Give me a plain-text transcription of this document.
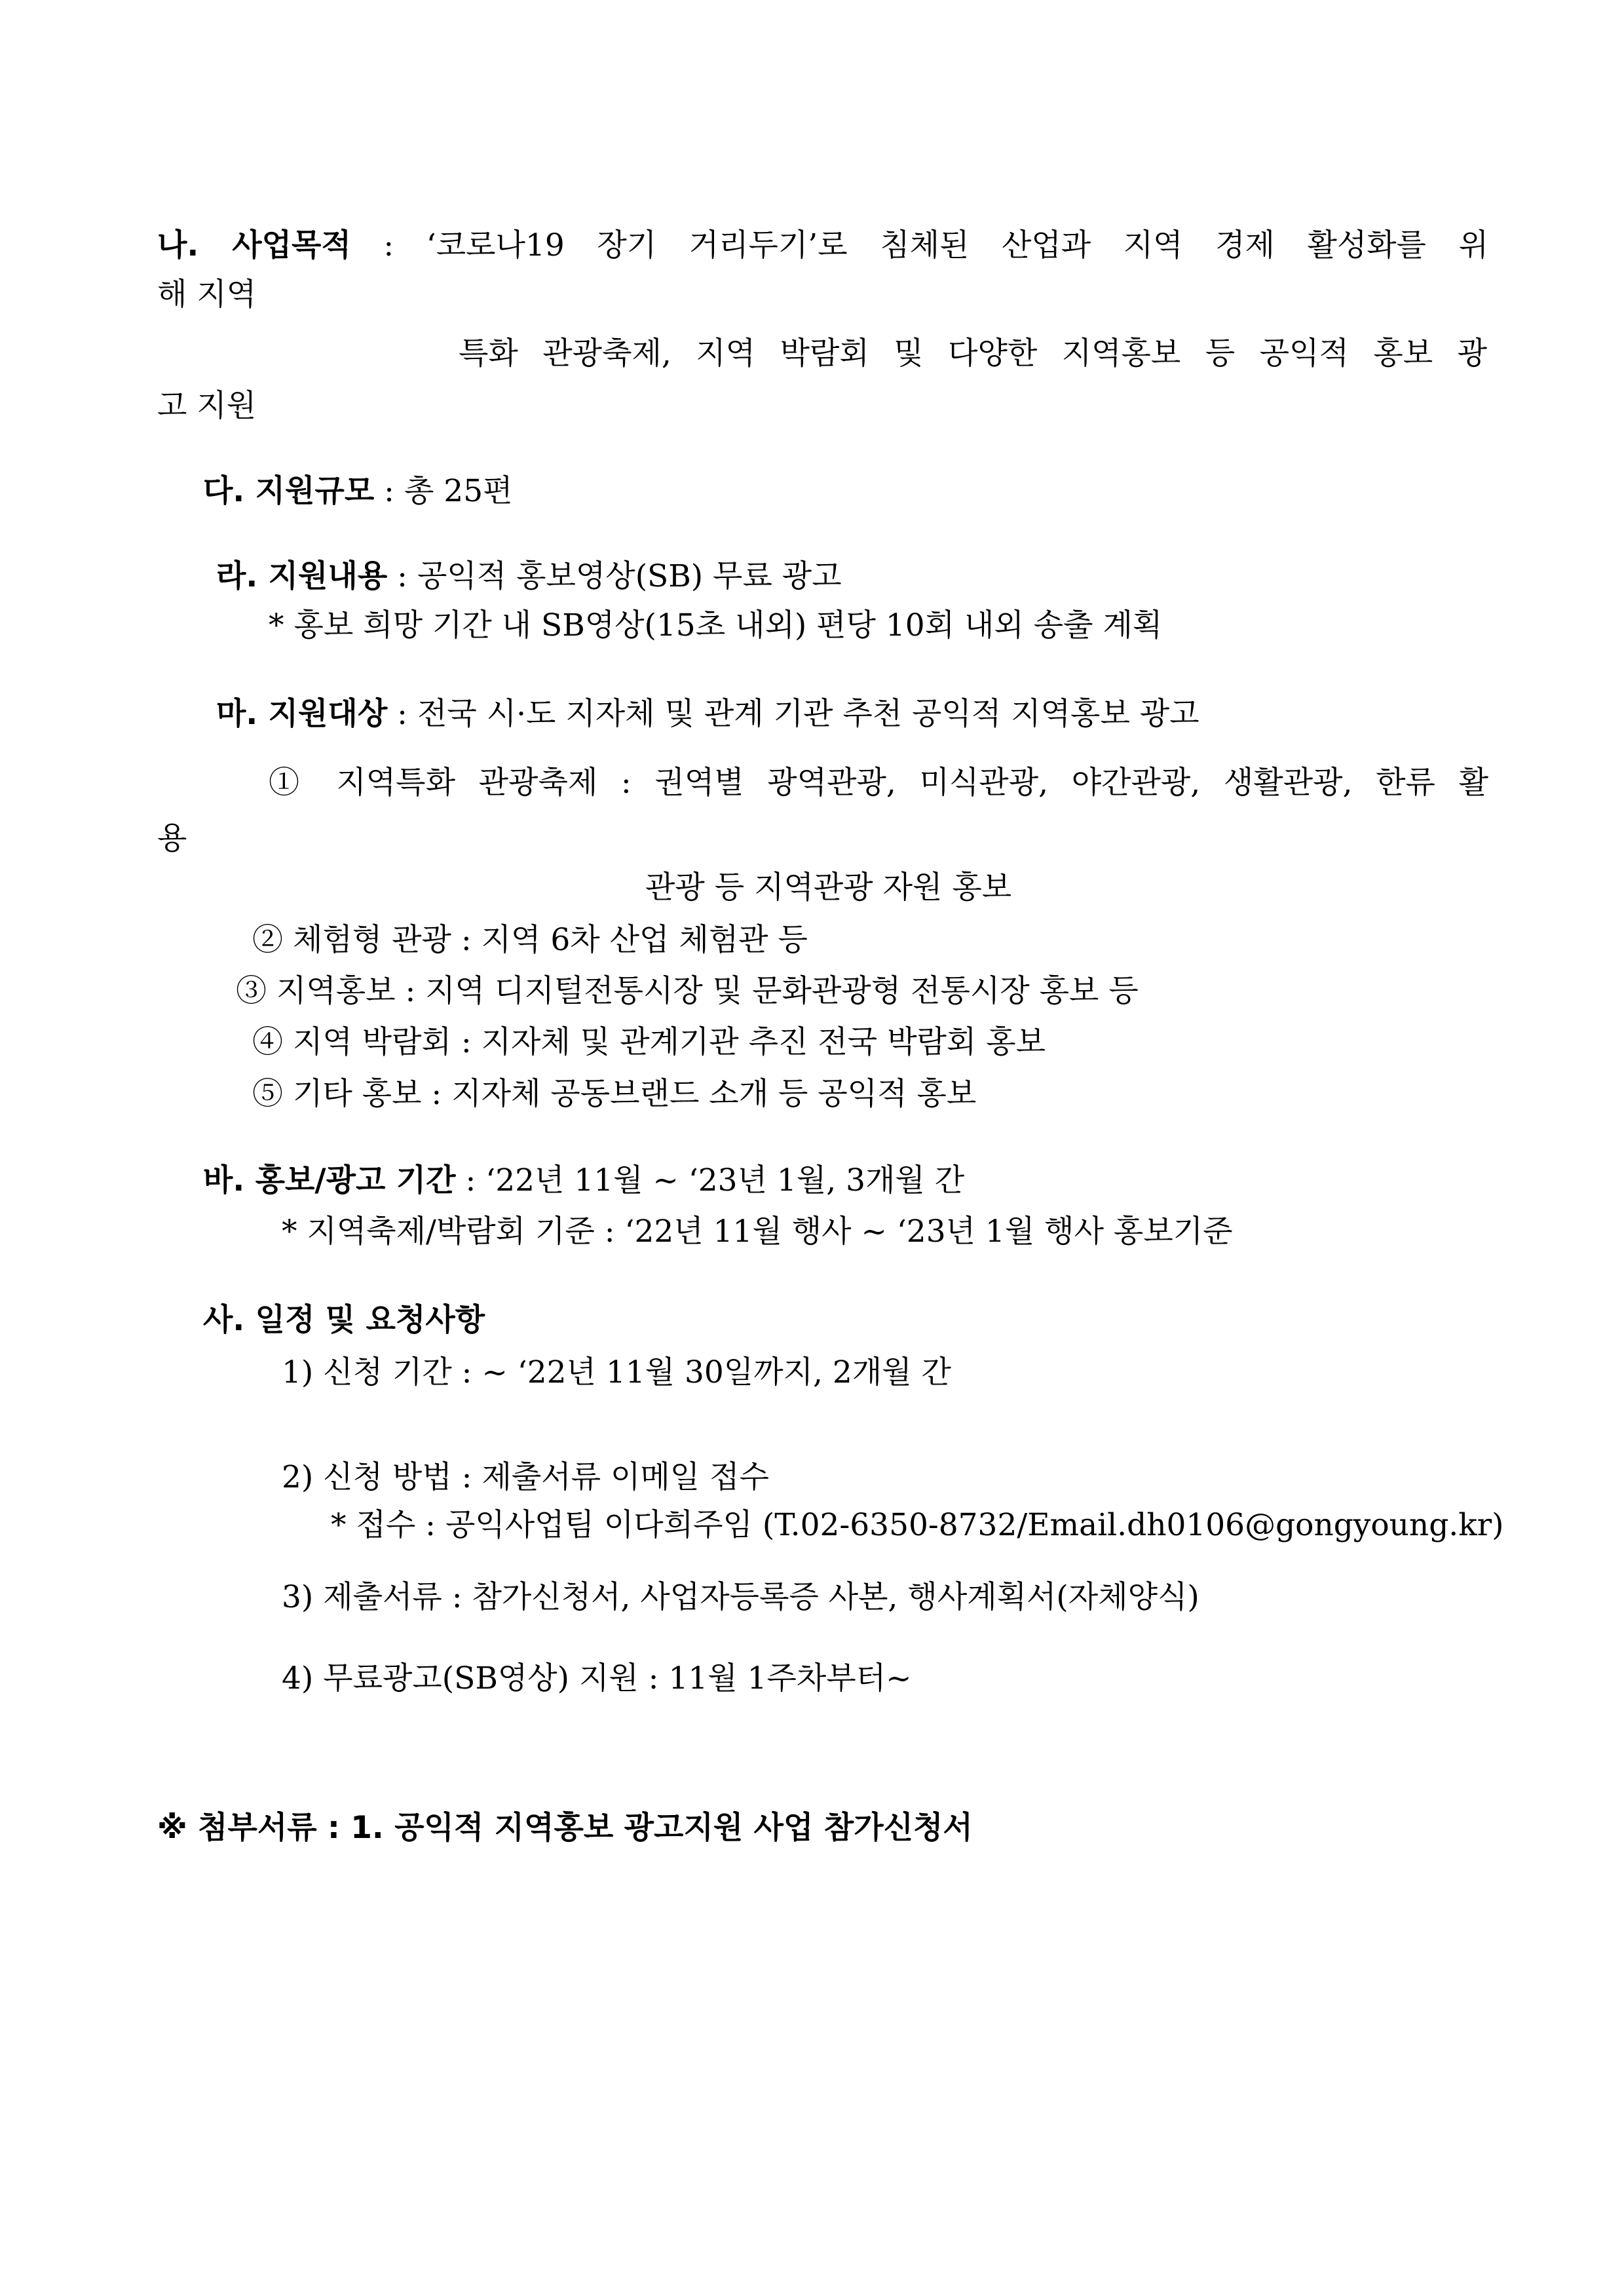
나. 사업목적 : ‘코로나19 장기 거리두기’로 침체된 산업과 지역 경제 활성화를 위
해 지역
특화 관광축제, 지역 박람회 및 다양한 지역홍보 등 공익적 홍보 광
고 지원
다. 지원규모 : 총 25편
라. 지원내용 : 공익적 홍보영상(SB) 무료 광고
* 홍보 희망 기간 내 SB영상(15초 내외) 편당 10회 내외 송출 계획
마. 지원대상 : 전국 시·도 지자체 및 관계 기관 추천 공익적 지역홍보 광고
① 지역특화 관광축제 : 권역별 광역관광, 미식관광, 야간관광, 생활관광, 한류 활
용
관광 등 지역관광 자원 홍보
② 체험형 관광 : 지역 6차 산업 체험관 등
③ 지역홍보 : 지역 디지털전통시장 및 문화관광형 전통시장 홍보 등
④ 지역 박람회 : 지자체 및 관계기관 추진 전국 박람회 홍보
⑤ 기타 홍보 : 지자체 공동브랜드 소개 등 공익적 홍보
바. 홍보/광고 기간 : ‘22년 11월 ~ ‘23년 1월, 3개월 간
* 지역축제/박람회 기준 : ‘22년 11월 행사 ~ ‘23년 1월 행사 홍보기준
사. 일정 및 요청사항
1) 신청 기간 : ~ ‘22년 11월 30일까지, 2개월 간
2) 신청 방법 : 제출서류 이메일 접수
* 접수 : 공익사업팀 이다희주임 (T.02-6350-8732/Email.dh0106@gongyoung.kr)
3) 제출서류 : 참가신청서, 사업자등록증 사본, 행사계획서(자체양식)
4) 무료광고(SB영상) 지원 : 11월 1주차부터~
※ 첨부서류 : 1. 공익적 지역홍보 광고지원 사업 참가신청서
